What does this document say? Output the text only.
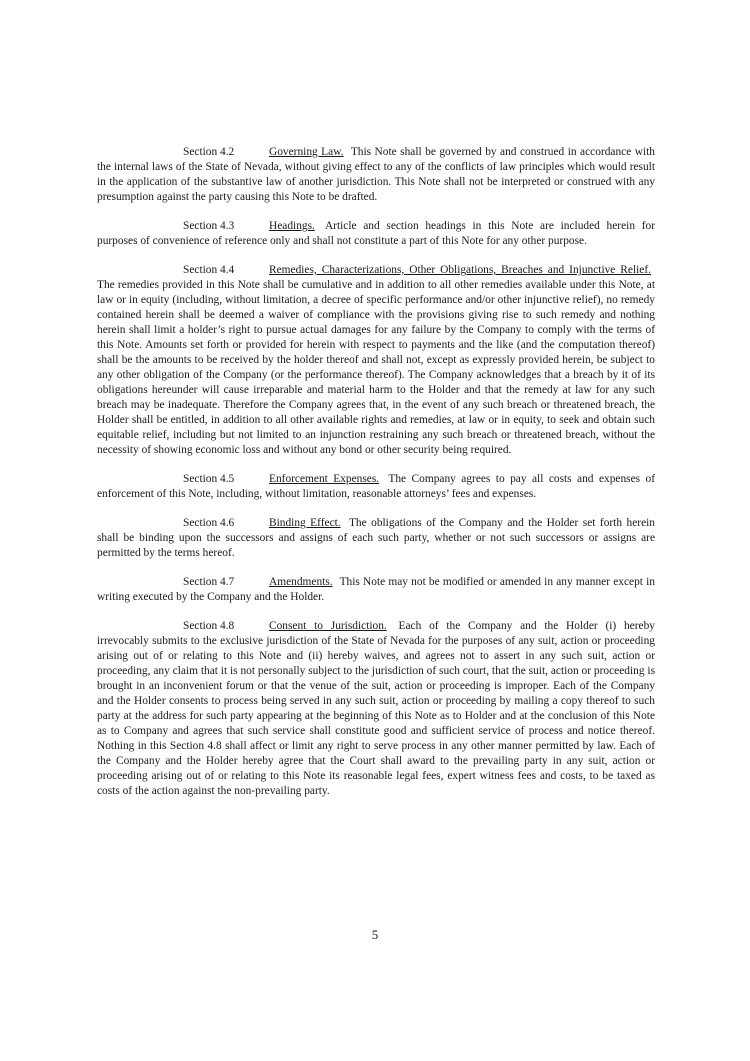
Section 4.2	Governing Law. This Note shall be governed by and construed in accordance with the internal laws of the State of Nevada, without giving effect to any of the conflicts of law principles which would result in the application of the substantive law of another jurisdiction. This Note shall not be interpreted or construed with any presumption against the party causing this Note to be drafted.

Section 4.3	Headings. Article and section headings in this Note are included herein for purposes of convenience of reference only and shall not constitute a part of this Note for any other purpose.

Section 4.4	Remedies, Characterizations, Other Obligations, Breaches and Injunctive Relief. The remedies provided in this Note shall be cumulative and in addition to all other remedies available under this Note, at law or in equity (including, without limitation, a decree of specific performance and/or other injunctive relief), no remedy contained herein shall be deemed a waiver of compliance with the provisions giving rise to such remedy and nothing herein shall limit a holder’s right to pursue actual damages for any failure by the Company to comply with the terms of this Note. Amounts set forth or provided for herein with respect to payments and the like (and the computation thereof) shall be the amounts to be received by the holder thereof and shall not, except as expressly provided herein, be subject to any other obligation of the Company (or the performance thereof). The Company acknowledges that a breach by it of its obligations hereunder will cause irreparable and material harm to the Holder and that the remedy at law for any such breach may be inadequate. Therefore the Company agrees that, in the event of any such breach or threatened breach, the Holder shall be entitled, in addition to all other available rights and remedies, at law or in equity, to seek and obtain such equitable relief, including but not limited to an injunction restraining any such breach or threatened breach, without the necessity of showing economic loss and without any bond or other security being required.

Section 4.5	Enforcement Expenses. The Company agrees to pay all costs and expenses of enforcement of this Note, including, without limitation, reasonable attorneys’ fees and expenses.

Section 4.6	Binding Effect. The obligations of the Company and the Holder set forth herein shall be binding upon the successors and assigns of each such party, whether or not such successors or assigns are permitted by the terms hereof.

Section 4.7	Amendments. This Note may not be modified or amended in any manner except in writing executed by the Company and the Holder.

Section 4.8	Consent to Jurisdiction. Each of the Company and the Holder (i) hereby irrevocably submits to the exclusive jurisdiction of the State of Nevada for the purposes of any suit, action or proceeding arising out of or relating to this Note and (ii) hereby waives, and agrees not to assert in any such suit, action or proceeding, any claim that it is not personally subject to the jurisdiction of such court, that the suit, action or proceeding is brought in an inconvenient forum or that the venue of the suit, action or proceeding is improper. Each of the Company and the Holder consents to process being served in any such suit, action or proceeding by mailing a copy thereof to such party at the address for such party appearing at the beginning of this Note as to Holder and at the conclusion of this Note as to Company and agrees that such service shall constitute good and sufficient service of process and notice thereof. Nothing in this Section 4.8 shall affect or limit any right to serve process in any other manner permitted by law. Each of the Company and the Holder hereby agree that the Court shall award to the prevailing party in any suit, action or proceeding arising out of or relating to this Note its reasonable legal fees, expert witness fees and costs, to be taxed as costs of the action against the non-prevailing party.

5
